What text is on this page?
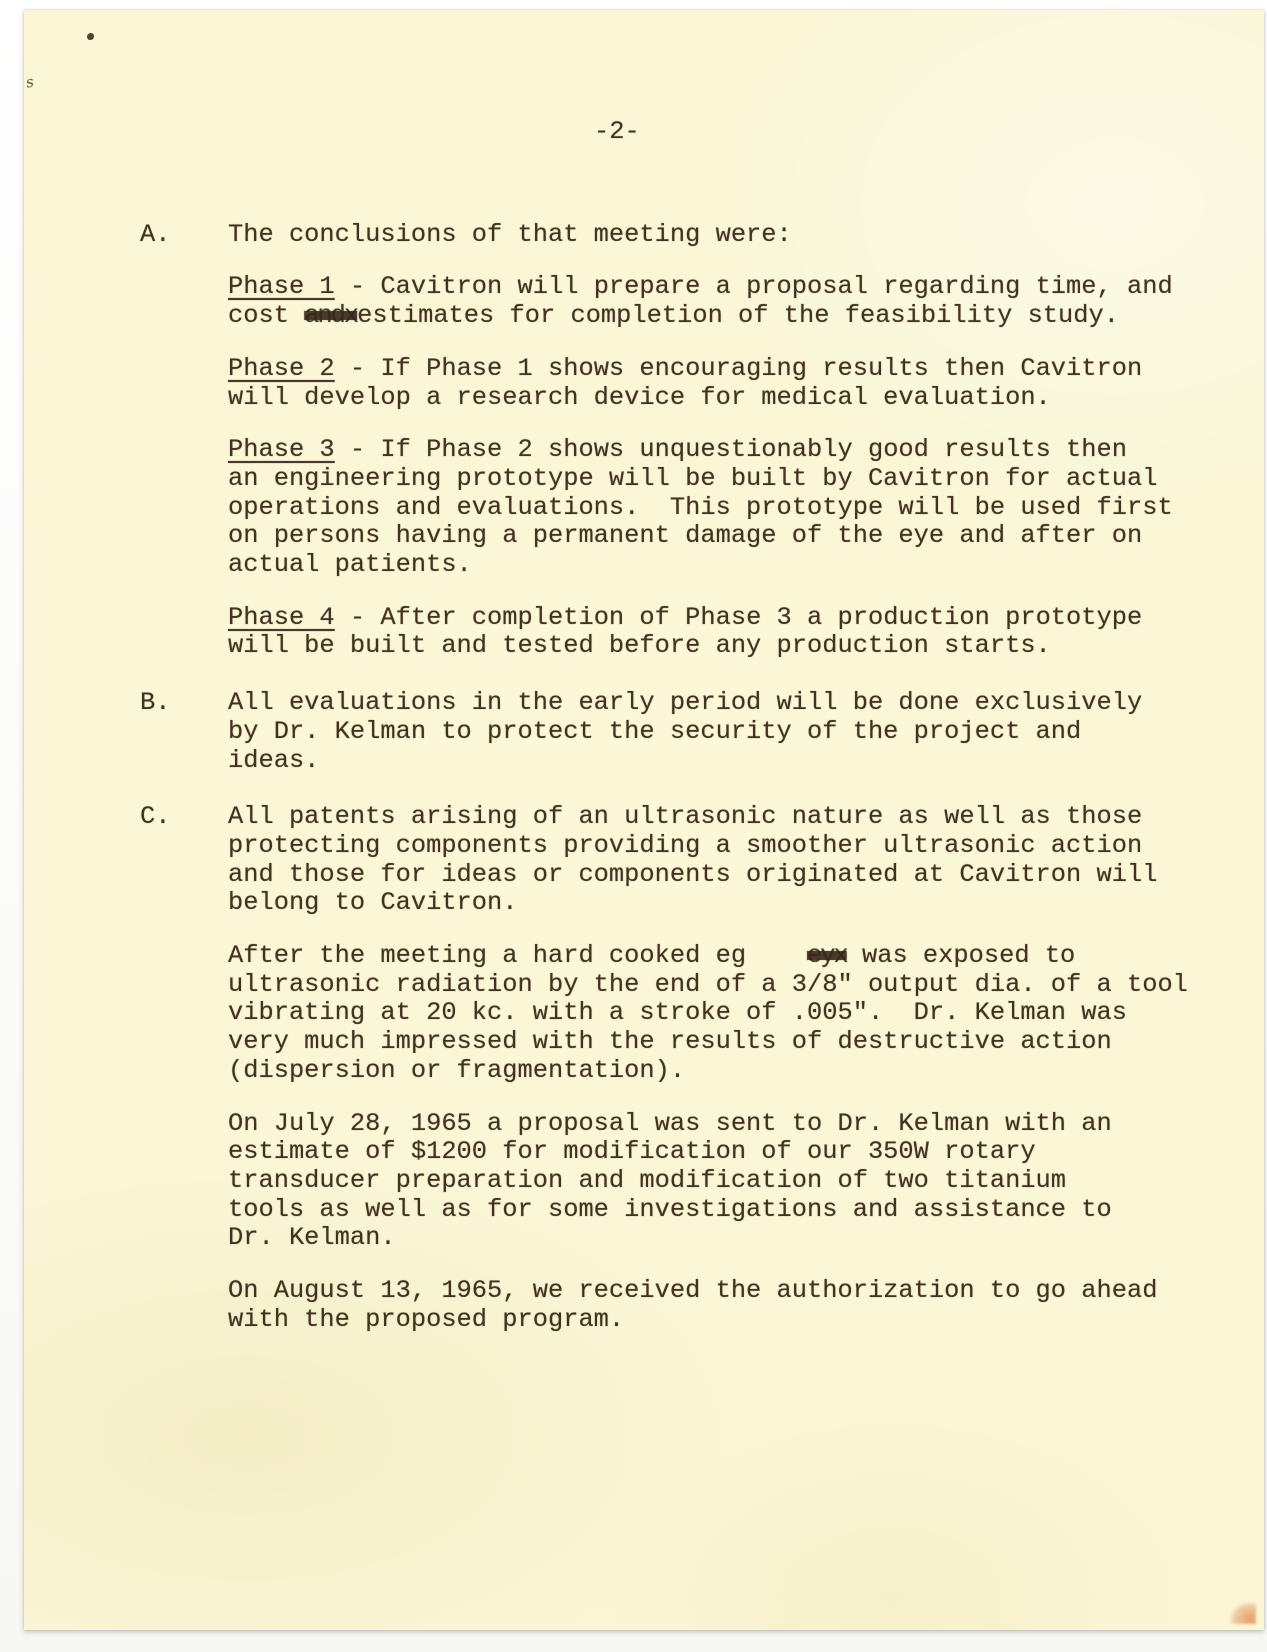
s
-2-
A.	The conclusions of that meeting were:
Phase 1 - Cavitron will prepare a proposal regarding time, and
cost andxestimates for completion of the feasibility study.
Phase 2 - If Phase 1 shows encouraging results then Cavitron
will develop a research device for medical evaluation.
Phase 3 - If Phase 2 shows unquestionably good results then
an engineering prototype will be built by Cavitron for actual
operations and evaluations.  This prototype will be used first
on persons having a permanent damage of the eye and after on
actual patients.
Phase 4 - After completion of Phase 3 a production prototype
will be built and tested before any production starts.
B.	All evaluations in the early period will be done exclusively
by Dr. Kelman to protect the security of the project and
ideas.
C.	All patents arising of an ultrasonic nature as well as those
protecting components providing a smoother ultrasonic action
and those for ideas or components originated at Cavitron will
belong to Cavitron.
After the meeting a hard cooked eg    eyx was exposed to
ultrasonic radiation by the end of a 3/8" output dia. of a tool
vibrating at 20 kc. with a stroke of .005".  Dr. Kelman was
very much impressed with the results of destructive action
(dispersion or fragmentation).
On July 28, 1965 a proposal was sent to Dr. Kelman with an
estimate of $1200 for modification of our 350W rotary
transducer preparation and modification of two titanium
tools as well as for some investigations and assistance to
Dr. Kelman.
On August 13, 1965, we received the authorization to go ahead
with the proposed program.
